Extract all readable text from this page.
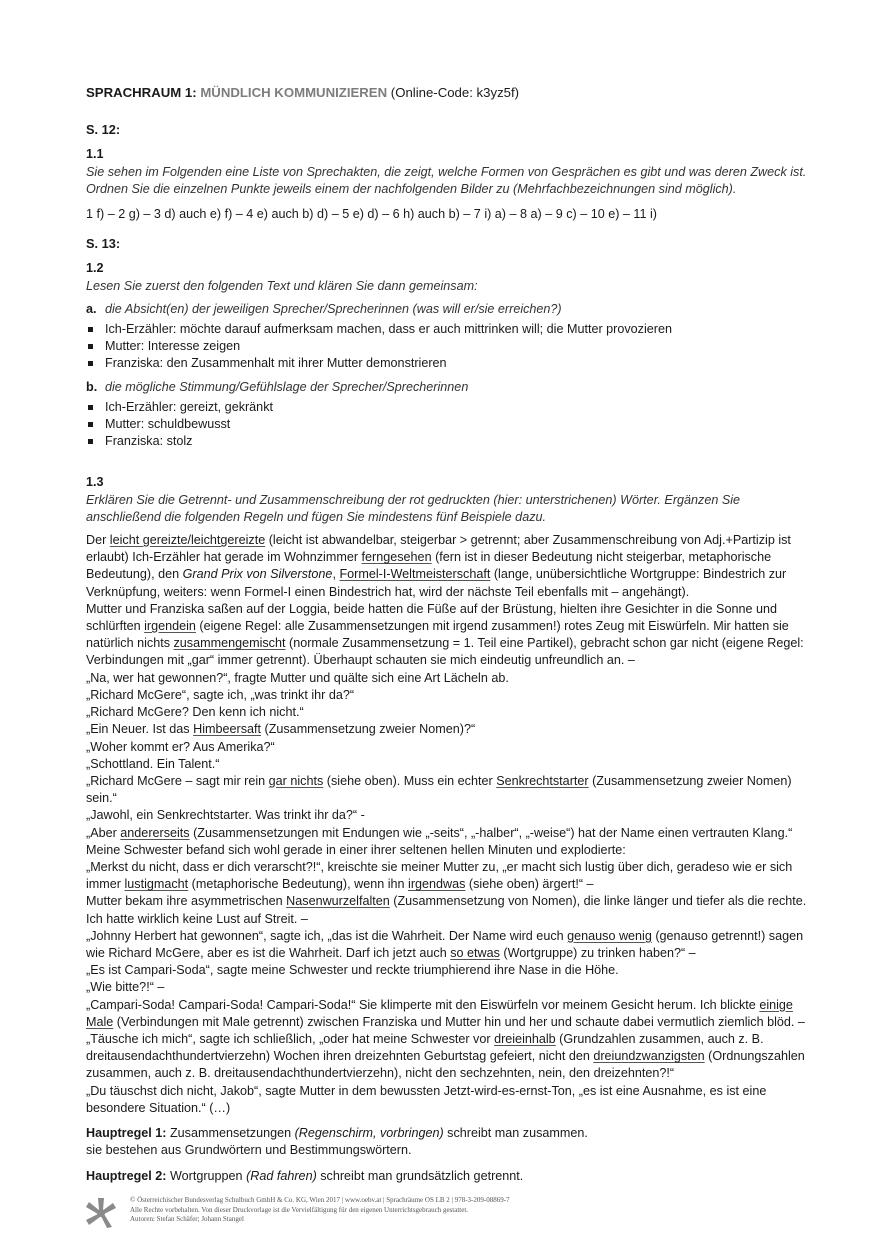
SPRACHRAUM 1: MÜNDLICH KOMMUNIZIEREN (Online-Code: k3yz5f)
S. 12:
1.1
Sie sehen im Folgenden eine Liste von Sprechakten, die zeigt, welche Formen von Gesprächen es gibt und was deren Zweck ist. Ordnen Sie die einzelnen Punkte jeweils einem der nachfolgenden Bilder zu (Mehrfachbezeichnungen sind möglich).
1 f) – 2 g) – 3 d) auch e) f) – 4 e) auch b) d) – 5 e) d) – 6 h) auch b) – 7 i) a) – 8 a) – 9 c) – 10 e) – 11 i)
S. 13:
1.2
Lesen Sie zuerst den folgenden Text und klären Sie dann gemeinsam:
a. die Absicht(en) der jeweiligen Sprecher/Sprecherinnen (was will er/sie erreichen?)
Ich-Erzähler: möchte darauf aufmerksam machen, dass er auch mittrinken will; die Mutter provozieren
Mutter: Interesse zeigen
Franziska: den Zusammenhalt mit ihrer Mutter demonstrieren
b. die mögliche Stimmung/Gefühlslage der Sprecher/Sprecherinnen
Ich-Erzähler: gereizt, gekränkt
Mutter: schuldbewusst
Franziska: stolz
1.3
Erklären Sie die Getrennt- und Zusammenschreibung der rot gedruckten (hier: unterstrichenen) Wörter. Ergänzen Sie anschließend die folgenden Regeln und fügen Sie mindestens fünf Beispiele dazu.

Der leicht gereizte/leichtgereizte (leicht ist abwandelbar, steigerbar > getrennt; aber Zusammenschreibung von Adj.+Partizip ist erlaubt) Ich-Erzähler hat gerade im Wohnzimmer ferngesehen (fern ist in dieser Bedeutung nicht steigerbar, metaphorische Bedeutung), den Grand Prix von Silverstone, Formel-I-Weltmeisterschaft (lange, unübersichtliche Wortgruppe: Bindestrich zur Verknüpfung, weiters: wenn Formel-I einen Bindestrich hat, wird der nächste Teil ebenfalls mit – angehängt).

Mutter und Franziska saßen auf der Loggia, beide hatten die Füße auf der Brüstung, hielten ihre Gesichter in die Sonne und schlürften irgendein (eigene Regel: alle Zusammensetzungen mit irgend zusammen!) rotes Zeug mit Eiswürfeln. Mir hatten sie natürlich nichts zusammengemischt (normale Zusammensetzung = 1. Teil eine Partikel), gebracht schon gar nicht (eigene Regel: Verbindungen mit „gar“ immer getrennt). Überhaupt schauten sie mich eindeutig unfreundlich an. –

„Na, wer hat gewonnen?“, fragte Mutter und quälte sich eine Art Lächeln ab.

„Richard McGere“, sagte ich, „was trinkt ihr da?“

„Richard McGere? Den kenn ich nicht.“

„Ein Neuer. Ist das Himbeersaft (Zusammensetzung zweier Nomen)?“

„Woher kommt er? Aus Amerika?“

„Schottland. Ein Talent.“

„Richard McGere – sagt mir rein gar nichts (siehe oben). Muss ein echter Senkrechtstarter (Zusammensetzung zweier Nomen) sein.“

„Jawohl, ein Senkrechtstarter. Was trinkt ihr da?“ -

„Aber andererseits (Zusammensetzungen mit Endungen wie „-seits“, „-halber“, „-weise“) hat der Name einen vertrauten Klang.“

Meine Schwester befand sich wohl gerade in einer ihrer seltenen hellen Minuten und explodierte:

„Merkst du nicht, dass er dich verarscht?!“, kreischte sie meiner Mutter zu, „er macht sich lustig über dich, geradeso wie er sich immer lustigmacht (metaphorische Bedeutung), wenn ihn irgendwas (siehe oben) ärgert!“ –

Mutter bekam ihre asymmetrischen Nasenwurzelfalten (Zusammensetzung von Nomen), die linke länger und tiefer als die rechte. Ich hatte wirklich keine Lust auf Streit. –

„Johnny Herbert hat gewonnen“, sagte ich, „das ist die Wahrheit. Der Name wird euch genauso wenig (genauso getrennt!) sagen wie Richard McGere, aber es ist die Wahrheit. Darf ich jetzt auch so etwas (Wortgruppe) zu trinken haben?“ –

„Es ist Campari-Soda“, sagte meine Schwester und reckte triumphierend ihre Nase in die Höhe.

„Wie bitte?!“ –

„Campari-Soda! Campari-Soda! Campari-Soda!“ Sie klimperte mit den Eiswürfeln vor meinem Gesicht herum. Ich blickte einige Male (Verbindungen mit Male getrennt) zwischen Franziska und Mutter hin und her und schaute dabei vermutlich ziemlich blöd. –

„Täusche ich mich“, sagte ich schließlich, „oder hat meine Schwester vor dreieinhalb (Grundzahlen zusammen, auch z. B. dreitausendachthundertvierzehn) Wochen ihren dreizehnten Geburtstag gefeiert, nicht den dreiundzwanzigsten (Ordnungszahlen zusammen, auch z. B. dreitausendachthundertvierzehn), nicht den sechzehnten, nein, den dreizehnten?!“

„Du täuschst dich nicht, Jakob“, sagte Mutter in dem bewussten Jetzt-wird-es-ernst-Ton, „es ist eine Ausnahme, es ist eine besondere Situation.“ (…)

Hauptregel 1: Zusammensetzungen (Regenschirm, vorbringen) schreibt man zusammen.
sie bestehen aus Grundwörtern und Bestimmungswörtern.
Hauptregel 2: Wortgruppen (Rad fahren) schreibt man grundsätzlich getrennt.
© Österreichischer Bundesverlag Schulbuch GmbH & Co. KG, Wien 2017 | www.oebv.at | Sprachräume OS LB 2 | 978-3-209-08869-7
Alle Rechte vorbehalten. Von dieser Druckvorlage ist die Vervielfältigung für den eigenen Unterrichtsgebrauch gestattet.
Autoren: Stefan Schäfer; Johann Stangel
